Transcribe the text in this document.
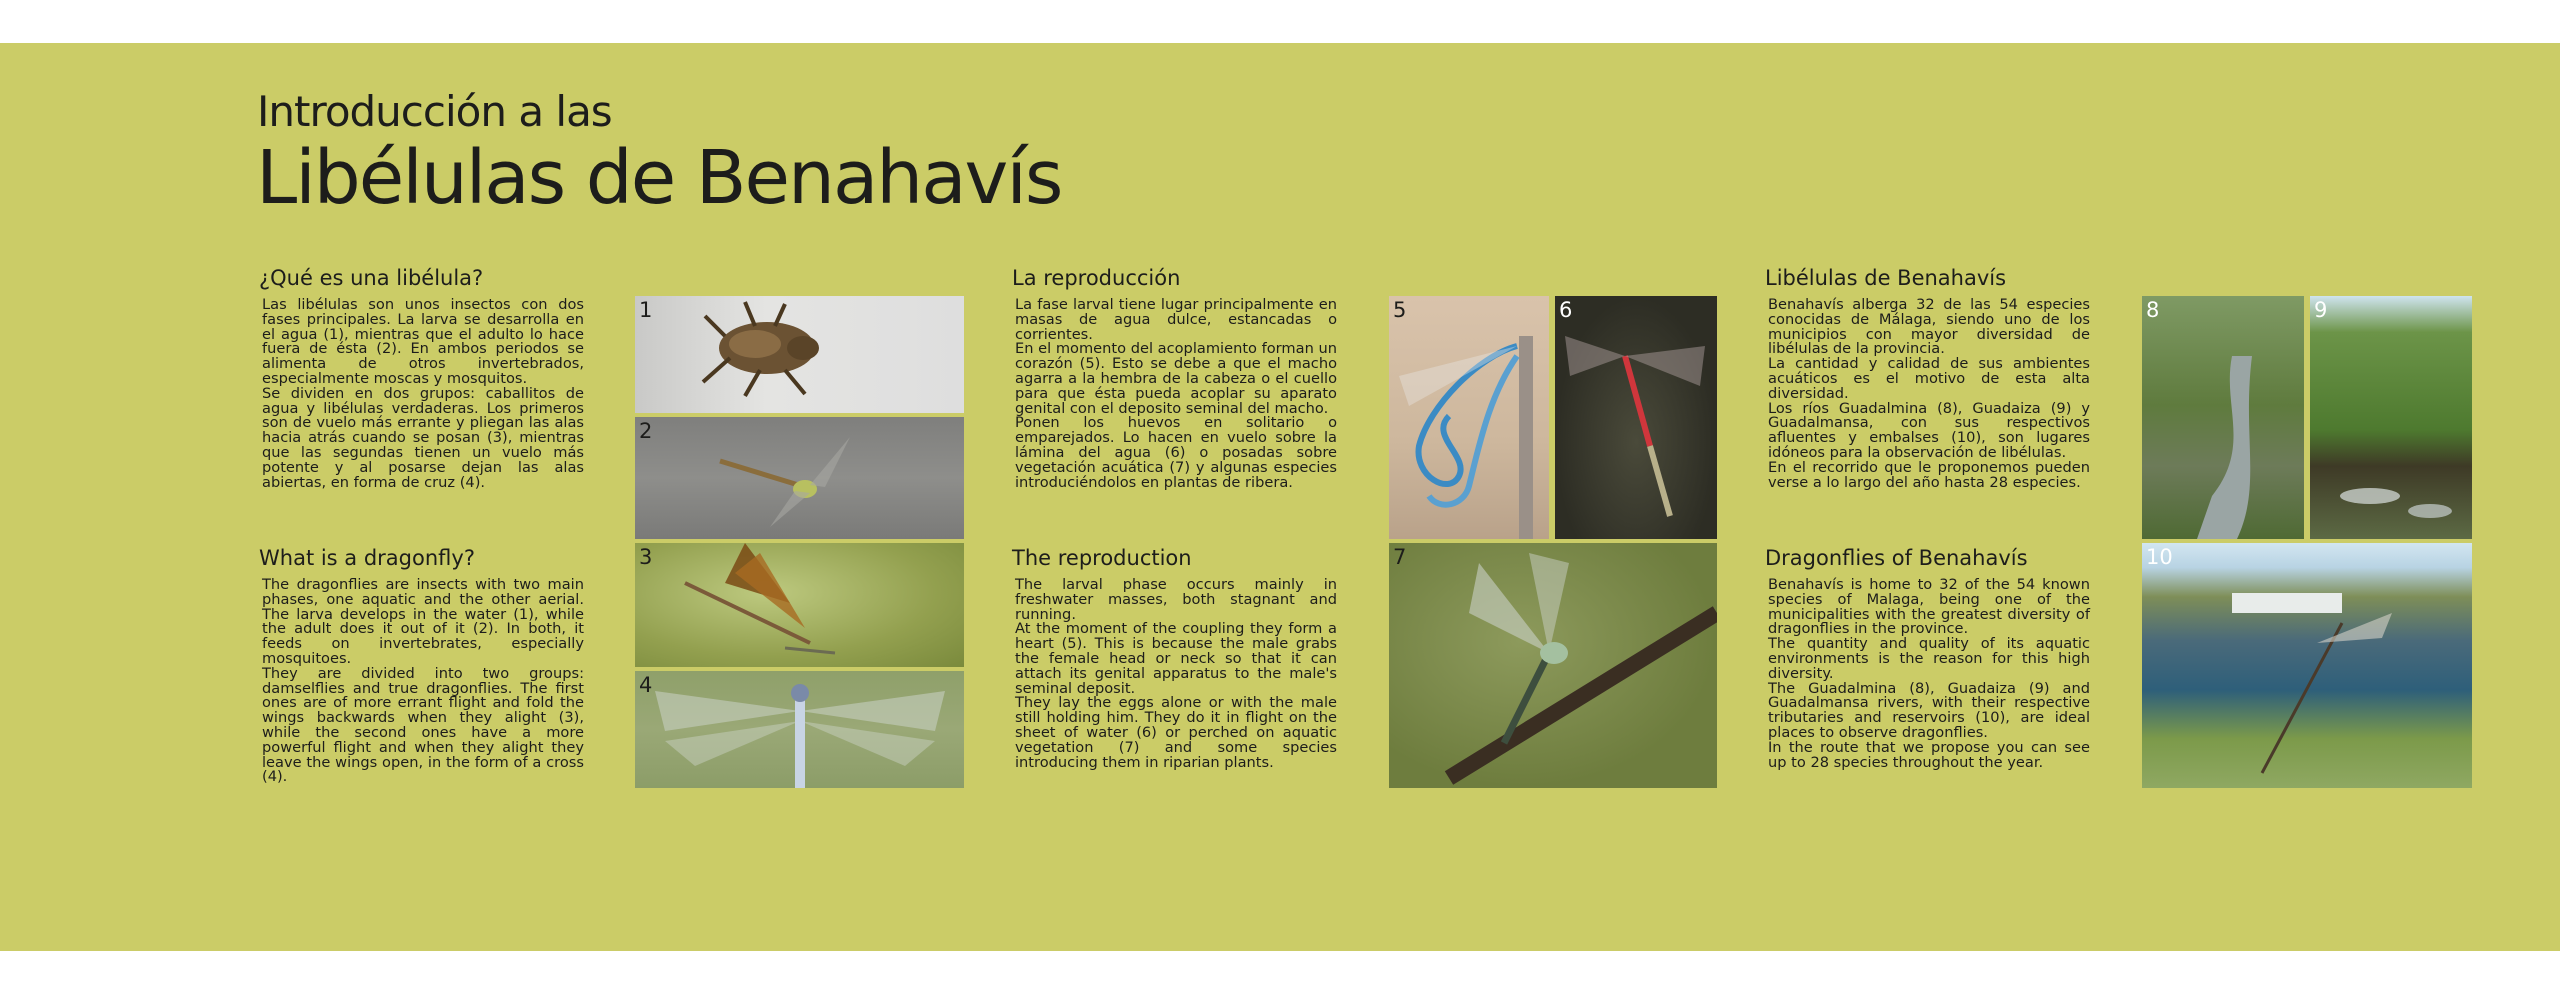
Introducción a las
Libélulas de Benahavís
¿Qué es una libélula?
Las libélulas son unos insectos con dos fases principales. La larva se desarrolla en el agua (1), mientras que el adulto lo hace fuera de ésta (2). En ambos periodos se alimenta de otros invertebrados, especialmente moscas y mosquitos.
Se dividen en dos grupos: caballitos de agua y libélulas verdaderas. Los primeros son de vuelo más errante y pliegan las alas hacia atrás cuando se posan (3), mientras que las segundas tienen un vuelo más potente y al posarse dejan las alas abiertas, en forma de cruz (4).
What is a dragonfly?
The dragonflies are insects with two main phases, one aquatic and the other aerial. The larva develops in the water (1), while the adult does it out of it (2). In both, it feeds on invertebrates, especially mosquitoes.
They are divided into two groups: damselflies and true dragonflies. The first ones are of more errant flight and fold the wings backwards when they alight (3), while the second ones have a more powerful flight and when they alight they leave the wings open, in the form of a cross (4).
La reproducción
La fase larval tiene lugar principalmente en masas de agua dulce, estancadas o corrientes.
En el momento del acoplamiento forman un corazón (5). Esto se debe a que el macho agarra a la hembra de la cabeza o el cuello para que ésta pueda acoplar su aparato genital con el deposito seminal del macho.
Ponen los huevos en solitario o emparejados. Lo hacen en vuelo sobre la lámina del agua (6) o posadas sobre vegetación acuática (7) y algunas especies introduciéndolos en plantas de ribera.
The reproduction
The larval phase occurs mainly in freshwater masses, both stagnant and running.
At the moment of the coupling they form a heart (5). This is because the male grabs the female head or neck so that it can attach its genital apparatus to the male's seminal deposit.
They lay the eggs alone or with the male still holding him. They do it in flight on the sheet of water (6) or perched on aquatic vegetation (7) and some species introducing them in riparian plants.
Libélulas de Benahavís
Benahavís alberga 32 de las 54 especies conocidas de Málaga, siendo uno de los municipios con mayor diversidad de libélulas de la provincia.
La cantidad y calidad de sus ambientes acuáticos es el motivo de esta alta diversidad.
Los ríos Guadalmina (8), Guadaiza (9) y Guadalmansa, con sus respectivos afluentes y embalses (10), son lugares idóneos para la observación de libélulas.
En el recorrido que le proponemos pueden verse a lo largo del año hasta 28 especies.
Dragonflies of Benahavís
Benahavís is home to 32 of the 54 known species of Malaga, being one of the municipalities with the greatest diversity of dragonflies in the province.
The quantity and quality of its aquatic environments is the reason for this high diversity.
The Guadalmina (8), Guadaiza (9) and Guadalmansa rivers, with their respective tributaries and reservoirs (10), are ideal places to observe dragonflies.
In the route that we propose you can see up to 28 species throughout the year.
1
2
3
4
5	6
7
8	9
10
